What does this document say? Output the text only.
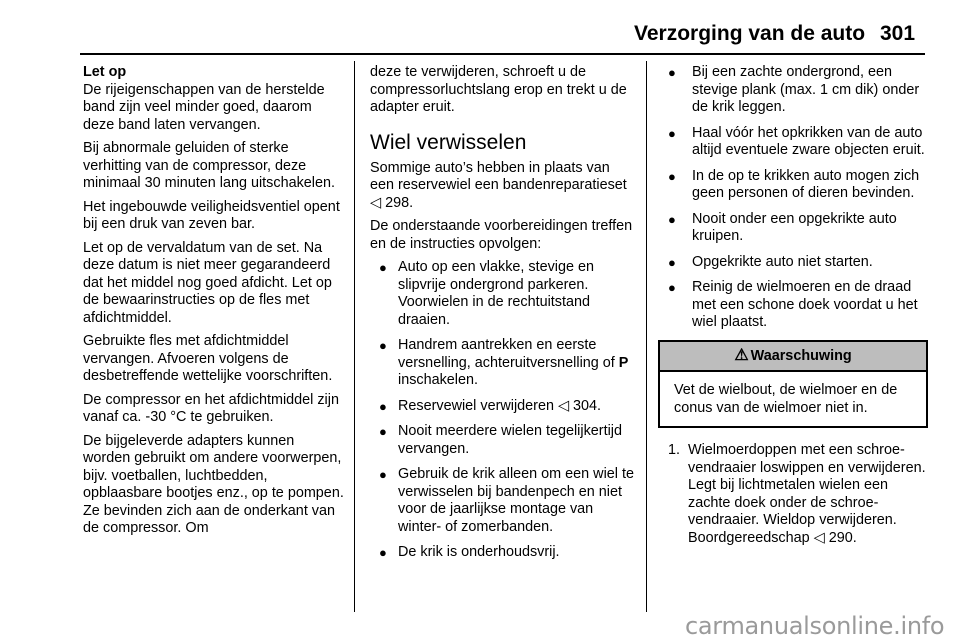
Verzorging van de auto 301

Let op
De rijeigenschappen van de herstelde band zijn veel minder goed, daarom deze band laten vervangen.

Bij abnormale geluiden of sterke verhitting van de compressor, deze minimaal 30 minuten lang uitschakelen.

Het ingebouwde veiligheidsventiel opent bij een druk van zeven bar.

Let op de vervaldatum van de set. Na deze datum is niet meer gegarandeerd dat het middel nog goed afdicht. Let op de bewaarinstructies op de fles met afdichtmiddel.

Gebruikte fles met afdichtmiddel vervangen. Afvoeren volgens de desbetreffende wettelijke voorschriften.

De compressor en het afdichtmiddel zijn vanaf ca. -30 °C te gebruiken.

De bijgeleverde adapters kunnen worden gebruikt om andere voorwerpen, bijv. voetballen, luchtbedden, opblaasbare bootjes enz., op te pompen. Ze bevinden zich aan de onderkant van de compressor. Om

deze te verwijderen, schroeft u de compressorluchtslang erop en trekt u de adapter eruit.

Wiel verwisselen

Sommige auto’s hebben in plaats van een reservewiel een bandenreparatieset ◁ 298.

De onderstaande voorbereidingen treffen en de instructies opvolgen:

● Auto op een vlakke, stevige en slipvrije ondergrond parkeren. Voorwielen in de rechtuitstand draaien.
● Handrem aantrekken en eerste versnelling, achteruitversnelling of P inschakelen.
● Reservewiel verwijderen ◁ 304.
● Nooit meerdere wielen tegelijkertijd vervangen.
● Gebruik de krik alleen om een wiel te verwisselen bij bandenpech en niet voor de jaarlijkse montage van winter- of zomerbanden.
● De krik is onderhoudsvrij.
● Bij een zachte ondergrond, een stevige plank (max. 1 cm dik) onder de krik leggen.
● Haal vóór het opkrikken van de auto altijd eventuele zware objecten eruit.
● In de op te krikken auto mogen zich geen personen of dieren bevinden.
● Nooit onder een opgekrikte auto kruipen.
● Opgekrikte auto niet starten.
● Reinig de wielmoeren en de draad met een schone doek voordat u het wiel plaatst.
⚠ Waarschuwing
Vet de wielbout, de wielmoer en de conus van de wielmoer niet in.
1. Wielmoerdoppen met een schroevendraaier loswippen en verwijderen. Legt bij lichtmetalen wielen een zachte doek onder de schroevendraaier. Wieldop verwijderen. Boordgereedschap ◁ 290.
carmanualsonline.info
